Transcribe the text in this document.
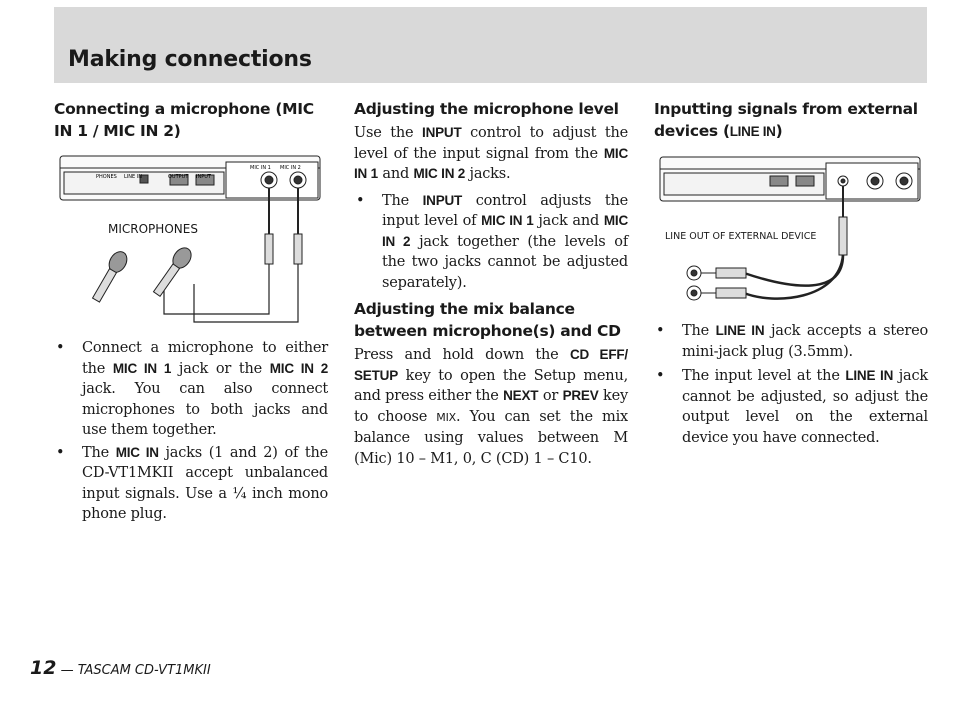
Making connections
Connecting a microphone (MIC IN 1 / MIC IN 2)
PHONES LINE IN	OUTPUT INPUT
MIC IN 1 MIC IN 2
MICROPHONES
• Connect a microphone to either the MIC IN 1 jack or the MIC IN 2 jack. You can also connect microphones to both jacks and use them together.
• The MIC IN jacks (1 and 2) of the CD-VT1MKII accept unbalanced input signals. Use a ¼ inch mono phone plug.
Adjusting the microphone level

Use the INPUT control to adjust the level of the input signal from the MIC IN 1 and MIC IN 2 jacks.

• The INPUT control adjusts the input level of MIC IN 1 jack and MIC IN 2 jack together (the levels of the two jacks cannot be adjusted separately).
Adjusting the mix balance between microphone(s) and CD

Press and hold down the CD EFF/ SETUP key to open the Setup menu, and press either the NEXT or PREV key to choose MIX. You can set the mix balance using values between M (Mic) 10 – M1, 0, C (CD) 1 – C10.

Inputting signals from external devices (LINE IN)
LINE OUT OF EXTERNAL DEVICE
• The LINE IN jack accepts a stereo mini-jack plug (3.5mm).
• The input level at the LINE IN jack cannot be adjusted, so adjust the output level on the external device you have connected.
12 — TASCAM CD-VT1MKII
